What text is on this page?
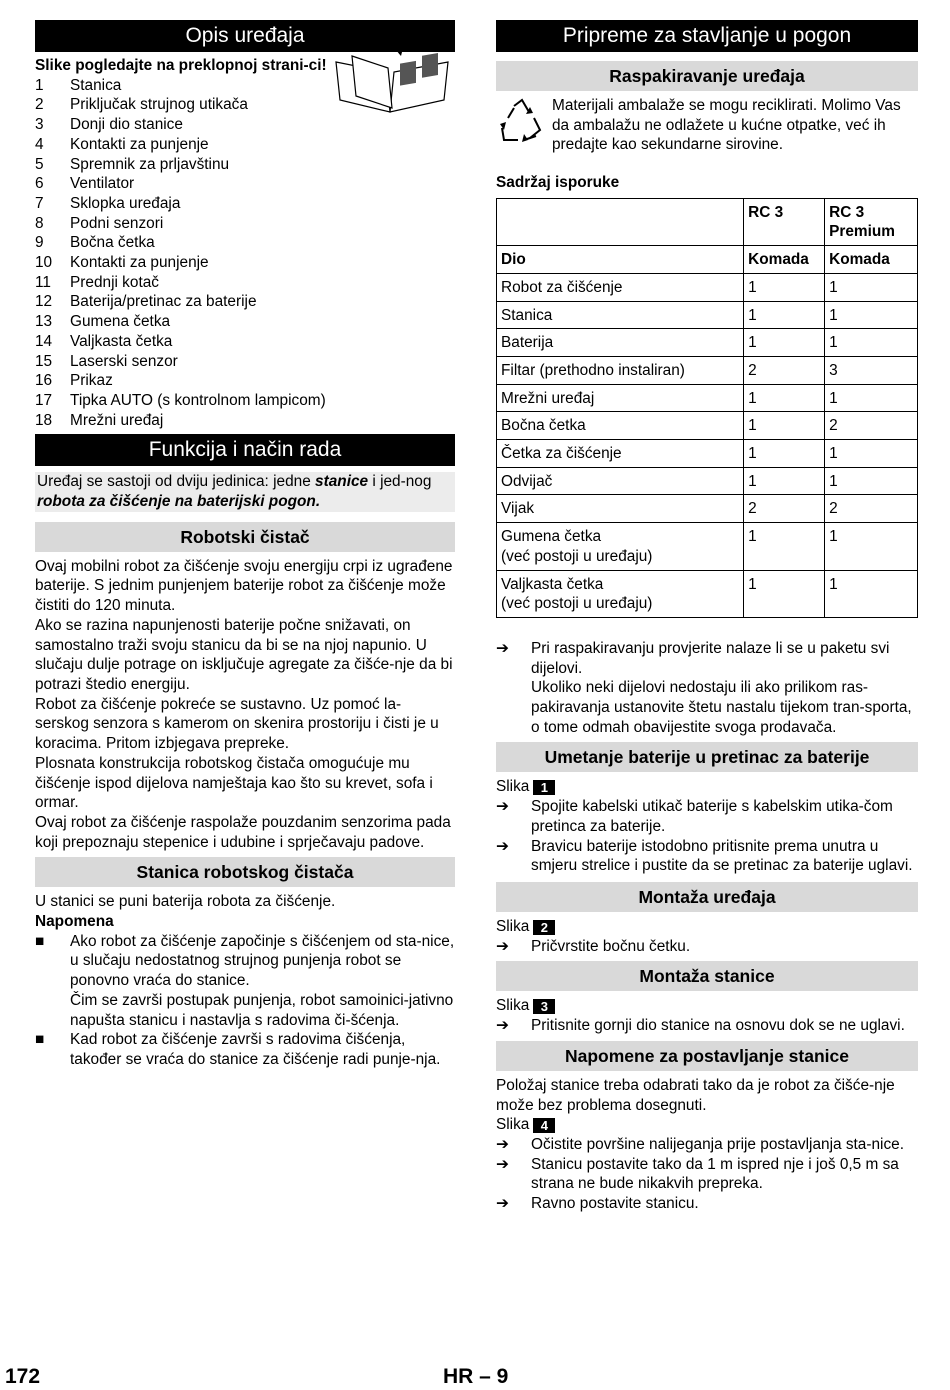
Opis uređaja
Slike pogledajte na preklopnoj strani-ci!
1	Stanica
2	Priključak strujnog utikača
3	Donji dio stanice
4	Kontakti za punjenje
5	Spremnik za prljavštinu
6	Ventilator
7	Sklopka uređaja
8	Podni senzori
9	Bočna četka
10	Kontakti za punjenje
11	Prednji kotač
12	Baterija/pretinac za baterije
13	Gumena četka
14	Valjkasta četka
15	Laserski senzor
16	Prikaz
17	Tipka AUTO (s kontrolnom lampicom)
18	Mrežni uređaj
Funkcija i način rada
Uređaj se sastoji od dviju jedinica: jedne stanice i jed-nog robota za čišćenje na baterijski pogon.
Robotski čistač
Ovaj mobilni robot za čišćenje svoju energiju crpi iz ugrađene baterije. S jednim punjenjem baterije robot za čišćenje može čistiti do 120 minuta.
Ako se razina napunjenosti baterije počne snižavati, on samostalno traži svoju stanicu da bi se na njoj napunio. U slučaju dulje potrage on isključuje agregate za čišće-nje da bi potrazi štedio energiju.
Robot za čišćenje pokreće se sustavno. Uz pomoć la-serskog senzora s kamerom on skenira prostoriju i čisti je u koracima. Pritom izbjegava prepreke.
Plosnata konstrukcija robotskog čistača omogućuje mu čišćenje ispod dijelova namještaja kao što su krevet, sofa i ormar.
Ovaj robot za čišćenje raspolaže pouzdanim senzorima pada koji prepoznaju stepenice i udubine i sprječavaju padove.
Stanica robotskog čistača
U stanici se puni baterija robota za čišćenje.
Napomena
■	Ako robot za čišćenje započinje s čišćenjem od sta-nice, u slučaju nedostatnog strujnog punjenja robot se ponovno vraća do stanice.
Čim se završi postupak punjenja, robot samoinici-jativno napušta stanicu i nastavlja s radovima či-šćenja.
■	Kad robot za čišćenje završi s radovima čišćenja, također se vraća do stanice za čišćenje radi punje-nja.
Pripreme za stavljanje u pogon
Raspakiravanje uređaja
Materijali ambalaže se mogu reciklirati. Molimo Vas da ambalažu ne odlažete u kućne otpatke, već ih predajte kao sekundarne sirovine.
Sadržaj isporuke
	RC 3	RC 3 Premium
Dio	Komada	Komada
Robot za čišćenje	1	1
Stanica	1	1
Baterija	1	1
Filtar (prethodno instaliran)	2	3
Mrežni uređaj	1	1
Bočna četka	1	2
Četka za čišćenje	1	1
Odvijač	1	1
Vijak	2	2
Gumena četka
(već postoji u uređaju)	1	1
Valjkasta četka
(već postoji u uređaju)	1	1
➔	Pri raspakiravanju provjerite nalaze li se u paketu svi dijelovi.
Ukoliko neki dijelovi nedostaju ili ako prilikom ras-pakiravanja ustanovite štetu nastalu tijekom tran-sporta, o tome odmah obavijestite svoga prodavača.
Umetanje baterije u pretinac za baterije
Slika 1
➔	Spojite kabelski utikač baterije s kabelskim utika-čom pretinca za baterije.
➔	Bravicu baterije istodobno pritisnite prema unutra u smjeru strelice i pustite da se pretinac za baterije uglavi.
Montaža uređaja
Slika 2
➔	Pričvrstite bočnu četku.
Montaža stanice
Slika 3
➔	Pritisnite gornji dio stanice na osnovu dok se ne uglavi.
Napomene za postavljanje stanice
Položaj stanice treba odabrati tako da je robot za čišće-nje može bez problema dosegnuti.
Slika 4
➔	Očistite površine nalijeganja prije postavljanja sta-nice.
➔	Stanicu postavite tako da 1 m ispred nje i još 0,5 m sa strana ne bude nikakvih prepreka.
➔	Ravno postavite stanicu.
172	HR – 9
